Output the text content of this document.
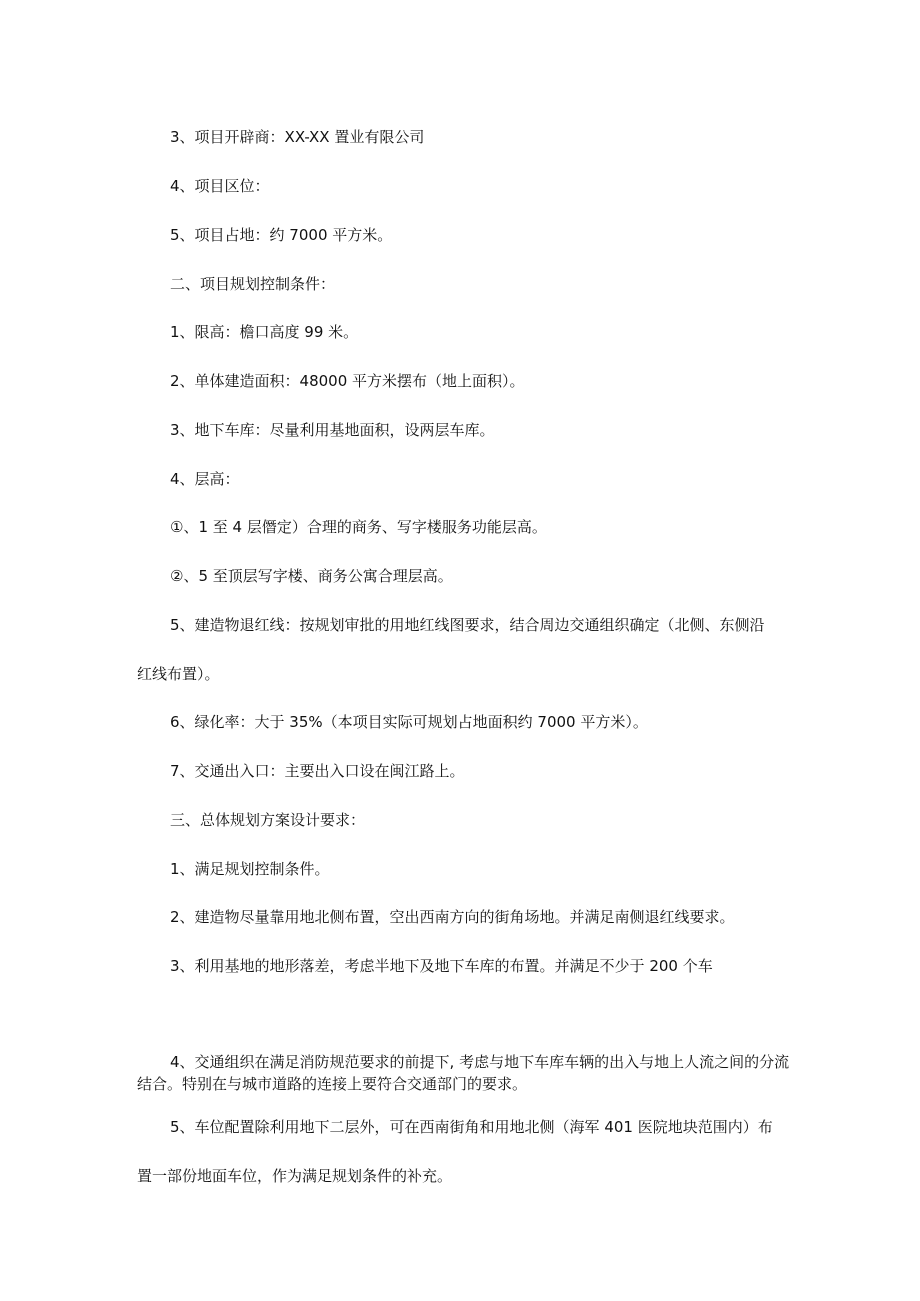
3、项目开辟商：XX-XX 置业有限公司

4、项目区位：

5、项目占地：约 7000 平方米。

二、项目规划控制条件：

1、限高：檐口高度 99 米。

2、单体建造面积：48000 平方米摆布（地上面积）。

3、地下车库：尽量利用基地面积，设两层车库。

4、层高：

①、1 至 4 层僭定）合理的商务、写字楼服务功能层高。

②、5 至顶层写字楼、商务公寓合理层高。

5、建造物退红线：按规划审批的用地红线图要求，结合周边交通组织确定（北侧、东侧沿

红线布置）。

6、绿化率：大于 35%（本项目实际可规划占地面积约 7000 平方米）。

7、交通出入口：主要出入口设在闽江路上。

三、总体规划方案设计要求：

1、满足规划控制条件。

2、建造物尽量靠用地北侧布置，空出西南方向的街角场地。并满足南侧退红线要求。

3、利用基地的地形落差，考虑半地下及地下车库的布置。并满足不少于 200 个车

4、交通组织在满足消防规范要求的前提下, 考虑与地下车库车辆的出入与地上人流之间的分流结合。特别在与城市道路的连接上要符合交通部门的要求。

5、车位配置除利用地下二层外，可在西南街角和用地北侧（海军 401 医院地块范围内）布

置一部份地面车位，作为满足规划条件的补充。
